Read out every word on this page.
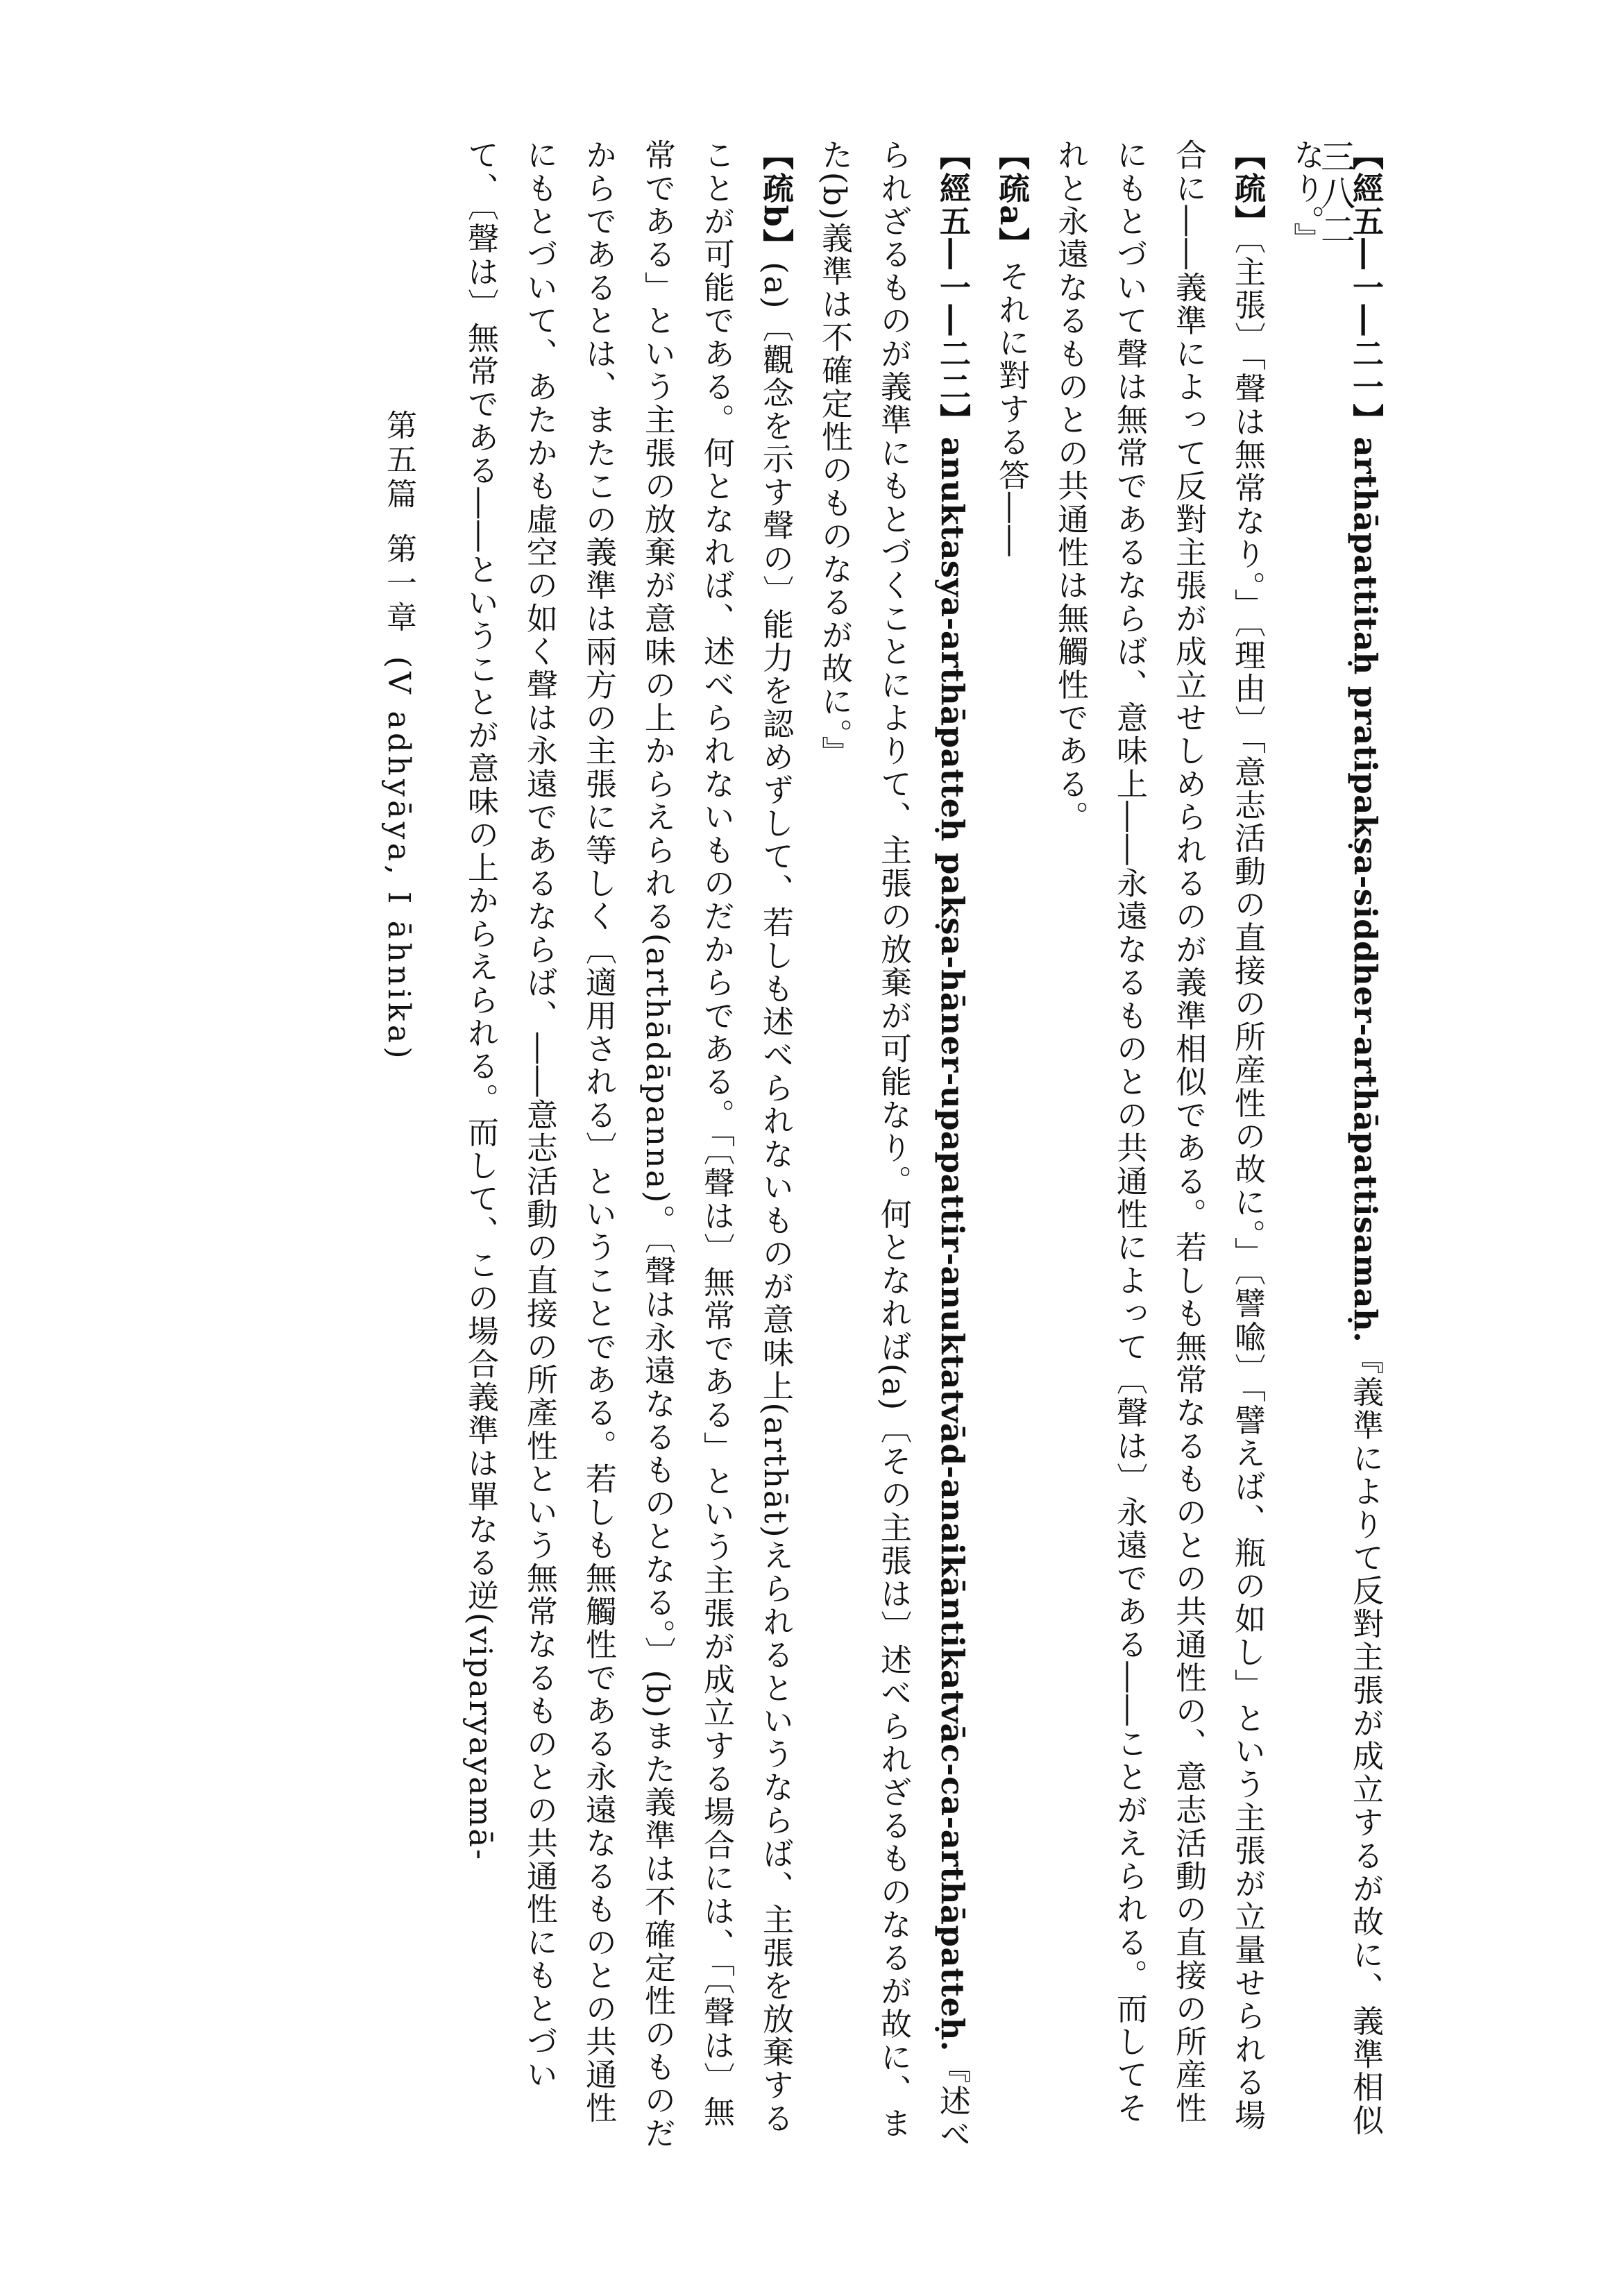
三八二
第五篇第一章(V adhyāya, I āhnika)

【經五―一―二一】arthāpattitaḥ pratipakṣa-siddher-arthāpattisamaḥ.『義準によりて反對主張が成立するが故に、義準相似なり。』

【疏】〔主張〕「聲は無常なり。」〔理由〕「意志活動の直接の所産性の故に。」〔譬喩〕「譬えば、瓶の如し」という主張が立量せられる場合に――義準によって反對主張が成立せしめられるのが義準相似である。若しも無常なるものとの共通性の、意志活動の直接の所産性にもとづいて聲は無常であるならば、意味上――永遠なるものとの共通性によって〔聲は〕永遠である――ことがえられる。而してそれと永遠なるものとの共通性は無觸性である。

【疏a】それに對する答――

【經五―一―二二】anuktasya-arthāpatteḥ pakṣa-hāner-upapattir-anuktatvād-anaikāntikatvāc-ca-arthāpatteḥ.『述べられざるものが義準にもとづくことによりて、主張の放棄が可能なり。何となれば(a)〔その主張は〕述べられざるものなるが故に、また(b)義準は不確定性のものなるが故に。』

【疏b】(a)〔觀念を示す聲の〕能力を認めずして、若しも述べられないものが意味上(arthāt)えられるというならば、主張を放棄することが可能である。何となれば、述べられないものだからである。「〔聲は〕無常である」という主張が成立する場合には、「〔聲は〕無常である」という主張の放棄が意味の上からえられる(arthādāpanna)。〔聲は永遠なるものとなる。〕(b)また義準は不確定性のものだからであるとは、またこの義準は兩方の主張に等しく〔適用される〕ということである。若しも無觸性である永遠なるものとの共通性にもとづいて、あたかも虛空の如く聲は永遠であるならば、――意志活動の直接の所產性という無常なるものとの共通性にもとづいて、〔聲は〕無常である――ということが意味の上からえられる。而して、この場合義準は單なる逆(viparyayamā-
